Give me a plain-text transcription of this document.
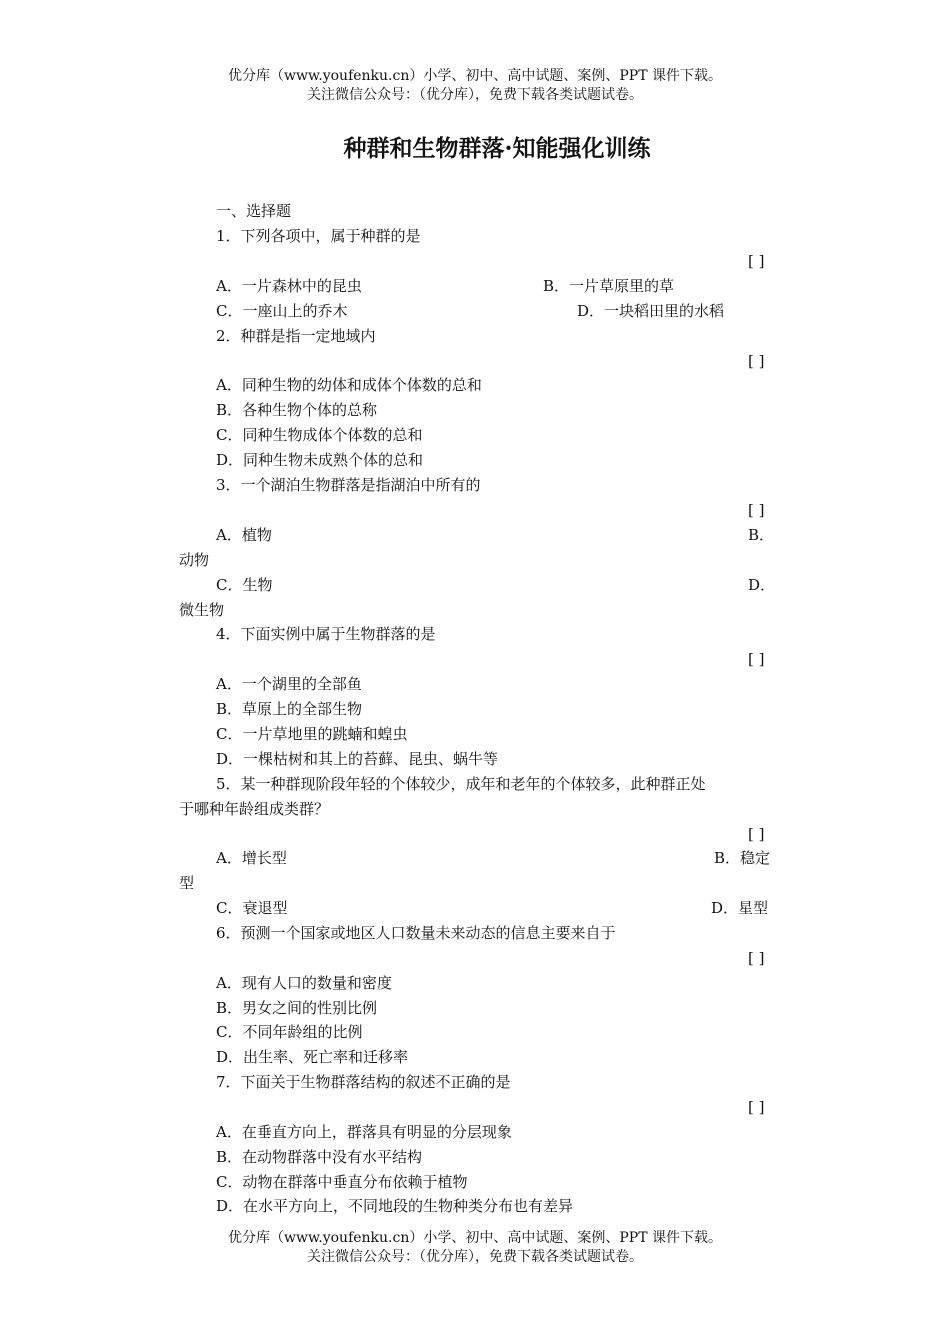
优分库（www.youfenku.cn）小学、初中、高中试题、案例、PPT 课件下载。
关注微信公众号：（优分库），免费下载各类试题试卷。
种群和生物群落·知能强化训练
一、选择题
1．下列各项中，属于种群的是
[ ]
A．一片森林中的昆虫	B．一片草原里的草
C．一座山上的乔木	D．一块稻田里的水稻
2．种群是指一定地域内
[ ]
A．同种生物的幼体和成体个体数的总和
B．各种生物个体的总称
C．同种生物成体个体数的总和
D．同种生物未成熟个体的总和
3．一个湖泊生物群落是指湖泊中所有的
[ ]
A．植物	B．
动物
C．生物	D．
微生物
4．下面实例中属于生物群落的是
[ ]
A．一个湖里的全部鱼
B．草原上的全部生物
C．一片草地里的跳蝻和蝗虫
D．一棵枯树和其上的苔藓、昆虫、蜗牛等
5．某一种群现阶段年轻的个体较少，成年和老年的个体较多，此种群正处
于哪种年龄组成类群？
[ ]
A．增长型	B．稳定
型
C．衰退型	D．星型
6．预测一个国家或地区人口数量未来动态的信息主要来自于
[ ]
A．现有人口的数量和密度
B．男女之间的性别比例
C．不同年龄组的比例
D．出生率、死亡率和迁移率
7．下面关于生物群落结构的叙述不正确的是
[ ]
A．在垂直方向上，群落具有明显的分层现象
B．在动物群落中没有水平结构
C．动物在群落中垂直分布依赖于植物
D．在水平方向上，不同地段的生物种类分布也有差异
优分库（www.youfenku.cn）小学、初中、高中试题、案例、PPT 课件下载。
关注微信公众号：（优分库），免费下载各类试题试卷。
